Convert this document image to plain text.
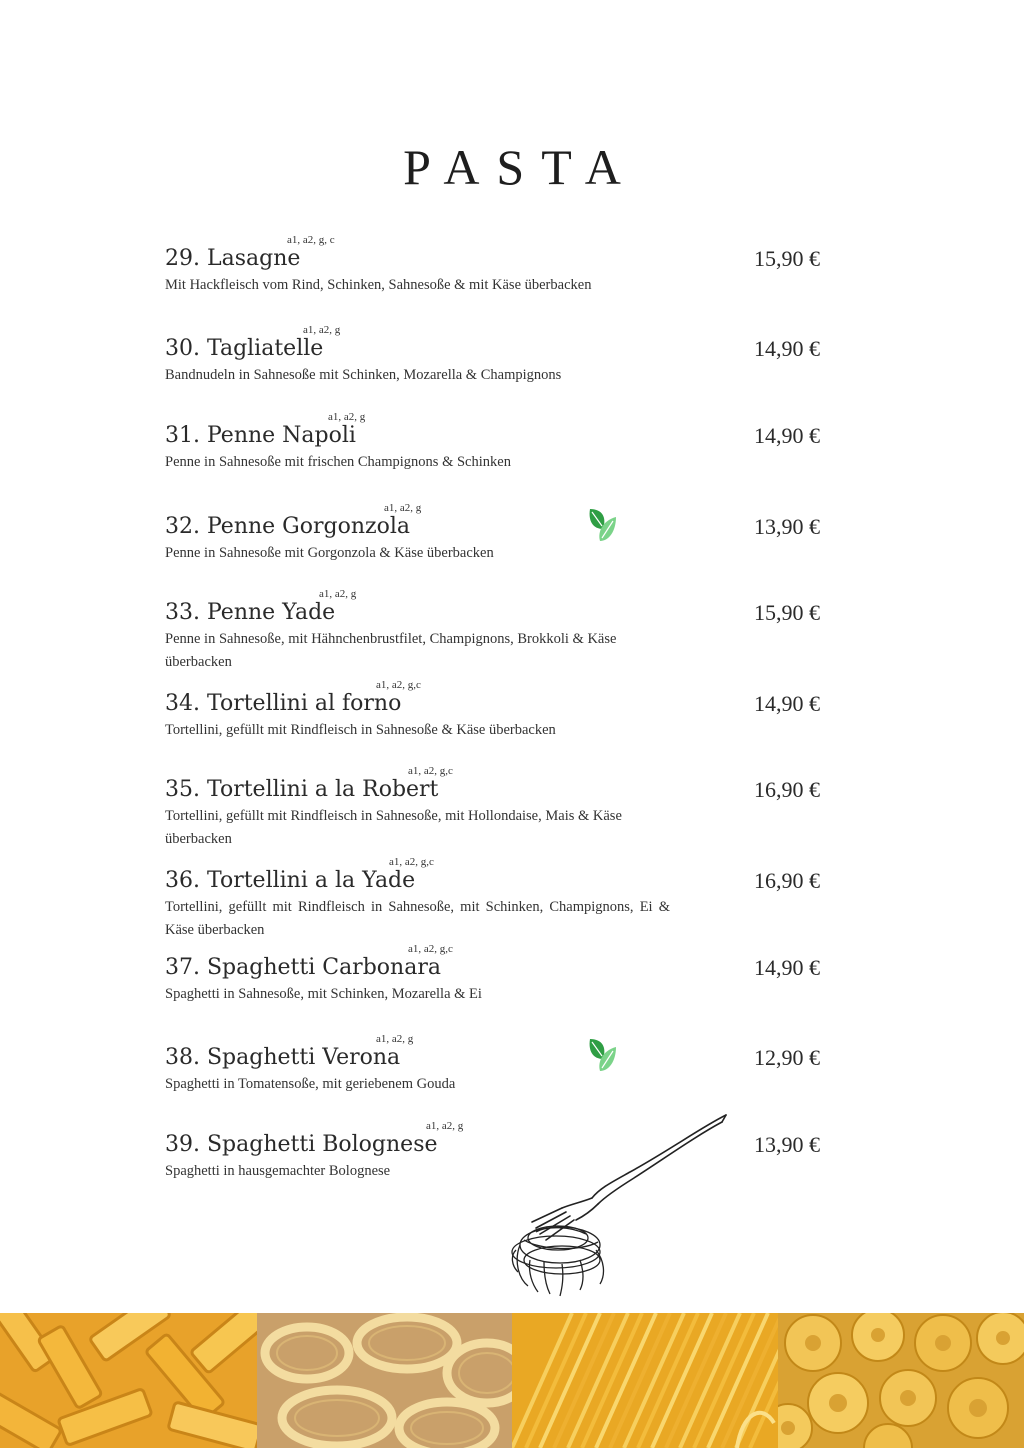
PASTA
29. Lasagne
a1, a2, g, c
15,90 €
Mit Hackfleisch vom Rind, Schinken, Sahnesoße & mit Käse überbacken
30. Tagliatelle
a1, a2, g
14,90 €
Bandnudeln in Sahnesoße mit Schinken, Mozarella & Champignons
31. Penne Napoli
a1, a2, g
14,90 €
Penne in Sahnesoße mit frischen Champignons & Schinken
32. Penne Gorgonzola
a1, a2, g
13,90 €
Penne in Sahnesoße mit Gorgonzola & Käse überbacken
33. Penne Yade
a1, a2, g
15,90 €
Penne in Sahnesoße, mit Hähnchenbrustfilet, Champignons, Brokkoli & Käse überbacken
34. Tortellini al forno
a1, a2, g,c
14,90 €
Tortellini, gefüllt mit Rindfleisch in Sahnesoße & Käse überbacken
35. Tortellini a la Robert
a1, a2, g,c
16,90 €
Tortellini, gefüllt mit Rindfleisch in Sahnesoße, mit Hollondaise, Mais & Käse überbacken
36. Tortellini a la Yade
a1, a2, g,c
16,90 €
Tortellini, gefüllt mit Rindfleisch in Sahnesoße, mit Schinken, Champignons, Ei & Käse überbacken
37. Spaghetti Carbonara
a1, a2, g,c
14,90 €
Spaghetti in Sahnesoße, mit Schinken, Mozarella & Ei
38. Spaghetti Verona
a1, a2, g
12,90 €
Spaghetti in Tomatensoße, mit geriebenem Gouda
39. Spaghetti Bolognese
a1, a2, g
13,90 €
Spaghetti in hausgemachter Bolognese
